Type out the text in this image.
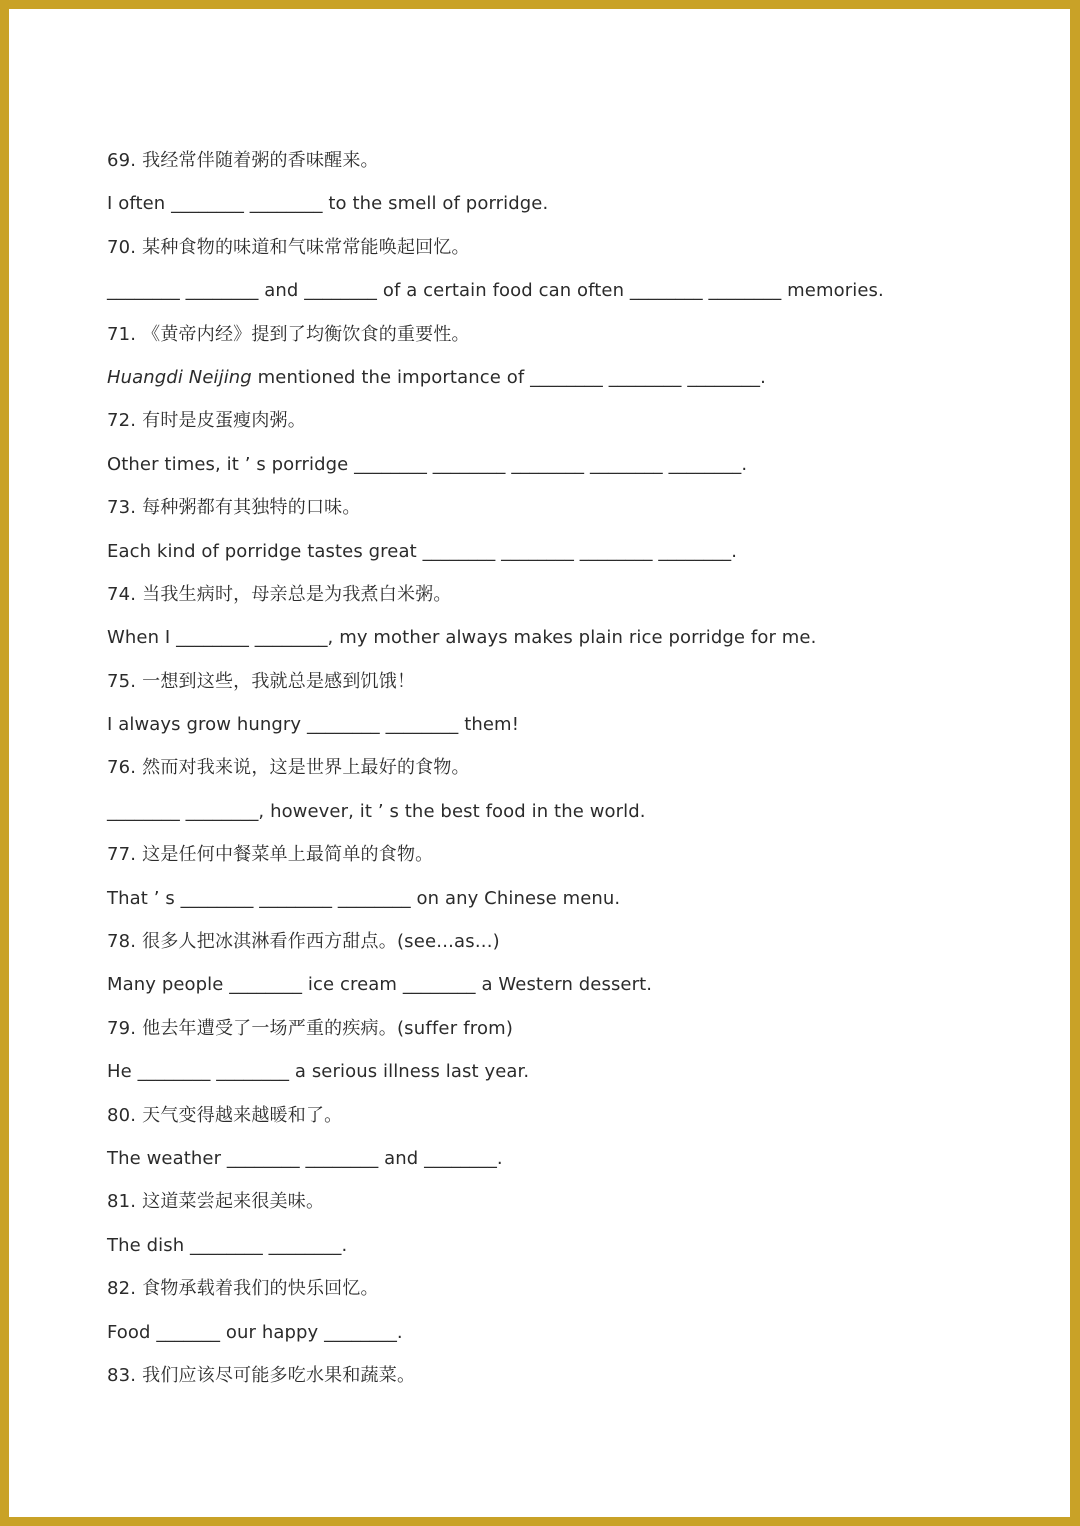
69. 我经常伴随着粥的香味醒来。
I often ________ ________ to the smell of porridge.
70. 某种食物的味道和气味常常能唤起回忆。
________ ________ and ________ of a certain food can often ________ ________ memories.
71. 《黄帝内经》提到了均衡饮食的重要性。
Huangdi Neijing mentioned the importance of ________ ________ ________.
72. 有时是皮蛋瘦肉粥。
Other times, it ’ s porridge ________ ________ ________ ________ ________.
73. 每种粥都有其独特的口味。
Each kind of porridge tastes great ________ ________ ________ ________.
74. 当我生病时，母亲总是为我煮白米粥。
When I ________ ________, my mother always makes plain rice porridge for me.
75. 一想到这些，我就总是感到饥饿！
I always grow hungry ________ ________ them!
76. 然而对我来说，这是世界上最好的食物。
________ ________, however, it ’ s the best food in the world.
77. 这是任何中餐菜单上最简单的食物。
That ’ s ________ ________ ________ on any Chinese menu.
78. 很多人把冰淇淋看作西方甜点。(see...as...)
Many people ________ ice cream ________ a Western dessert.
79. 他去年遭受了一场严重的疾病。(suffer from)
He ________ ________ a serious illness last year.
80. 天气变得越来越暖和了。
The weather ________ ________ and ________.
81. 这道菜尝起来很美味。
The dish ________ ________.
82. 食物承载着我们的快乐回忆。
Food _______ our happy ________.
83. 我们应该尽可能多吃水果和蔬菜。
